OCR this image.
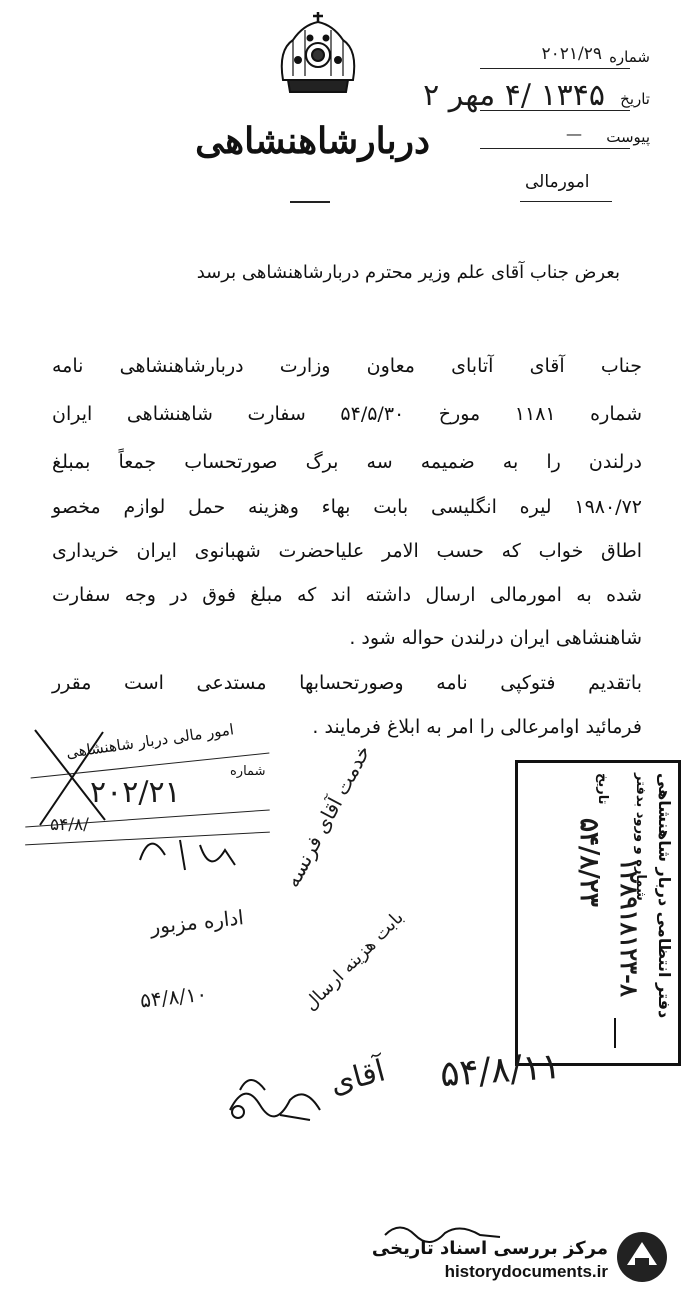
دربارشاهنشاهی
شماره
۲۰۲۱/۲۹
تاریخ
۱۳۴۵ /۴ مهر ۲
پیوست
—
امورمالی
بعرض جناب آقای علم وزیر محترم دربارشاهنشاهی برسد
جناب آقای آتابای معاون وزارت دربارشاهنشاهی نامه
شماره ۱۱۸۱ مورخ ۵۴/۵/۳۰ سفارت شاهنشاهی ایران
درلندن را به ضمیمه سه برگ صورتحساب جمعاً بمبلغ
۱۹۸۰/۷۲ لیره انگلیسی بابت بهاء وهزینه حمل لوازم مخصو
اطاق خواب که حسب الامر علیاحضرت شهبانوی ایران خریداری
شده به امورمالی ارسال داشته اند که مبلغ فوق در وجه سفارت
شاهنشاهی ایران درلندن حواله شود .
باتقدیم فتوکپی نامه وصورتحسابها مستدعی است مقرر
فرمائید اوامرعالی را امر به ابلاغ فرمایند .
دفتر انتظامی دربار شاهنشاهی
شماره و ورود بدفتر
تاریخ
۱۲۸۹۱۸۱۲۳-۸
۵۴/۸/۲۳
امور مالی دربار شاهنشاهی
شماره
۲۰۲/۲۱
۵۴/۸/
اداره مزبور
۵۴/۸/۱۰
خدمت آقای فرنسه
بابت هزینه ارسال
۵۴/۸/۱۱
آقای
مرکز بررسی اسناد تاریخی
historydocuments.ir
